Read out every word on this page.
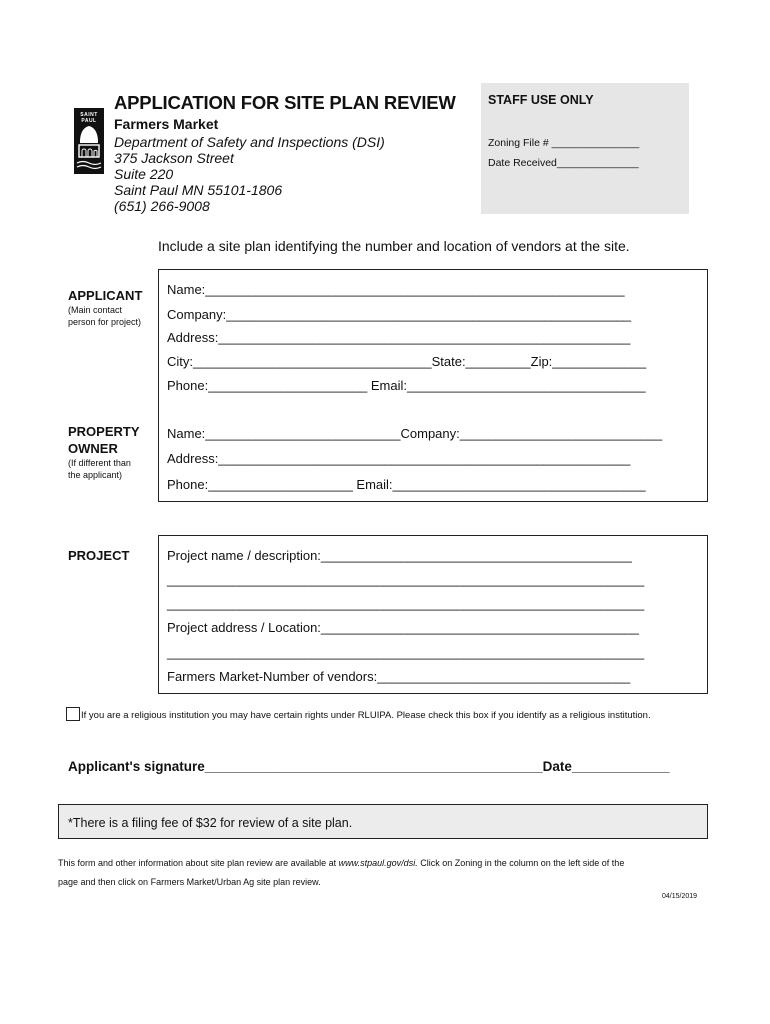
SAINT
PAUL
APPLICATION FOR SITE PLAN REVIEW
Farmers Market
Department of Safety and Inspections (DSI)
375 Jackson Street
Suite 220
Saint Paul MN 55101-1806
(651) 266-9008
STAFF USE ONLY
Zoning File # _______________
Date Received______________
Include a site plan identifying the number and location of vendors at the site.
APPLICANT
(Main contact
person for project)
Name:__________________________________________________________
Company:________________________________________________________
Address:_________________________________________________________
City:_________________________________State:_________Zip:_____________
Phone:______________________ Email:_________________________________
PROPERTY
OWNER
(If different than
the applicant)
Name:___________________________Company:____________________________
Address:_________________________________________________________
Phone:____________________ Email:___________________________________
PROJECT	Project name / description:___________________________________________
__________________________________________________________________
__________________________________________________________________
Project address / Location:____________________________________________
__________________________________________________________________
Farmers Market-Number of vendors:___________________________________
If you are a religious institution you may have certain rights under RLUIPA. Please check this box if you identify as a religious institution.
Applicant's signature_____________________________________________Date_____________
*There is a filing fee of $32 for review of a site plan.
This form and other information about site plan review are available at www.stpaul.gov/dsi. Click on Zoning in the column on the left side of the
page and then click on Farmers Market/Urban Ag site plan review.
04/15/2019
